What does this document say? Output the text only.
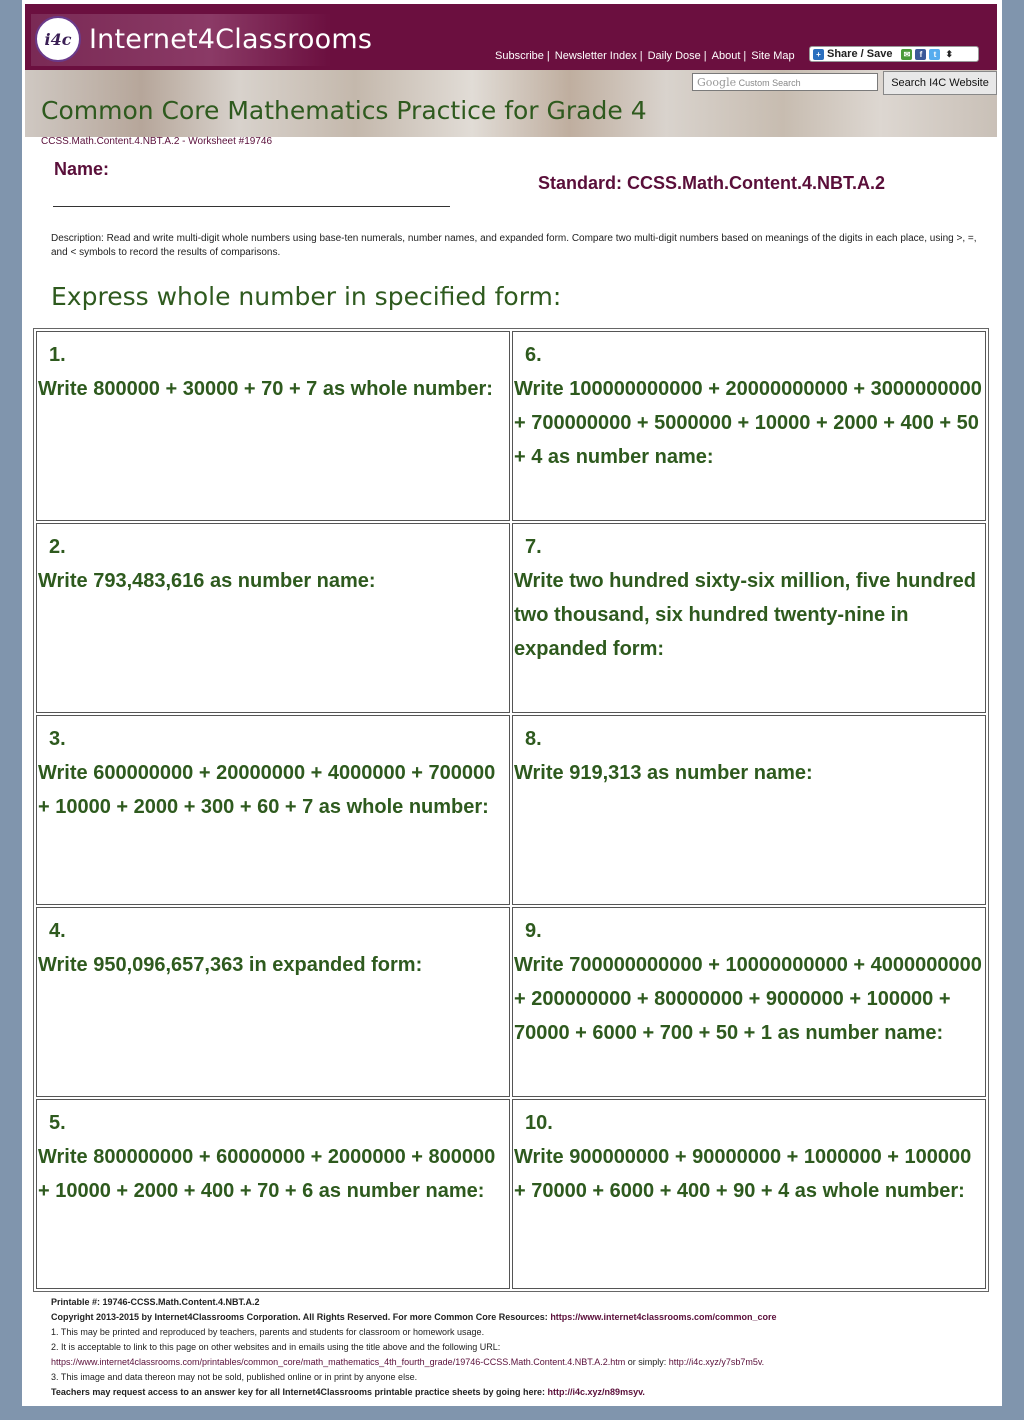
i4c Internet4Classrooms
Subscribe | Newsletter Index | Daily Dose | About | Site Map	+ Share / Save ✉	f	t	⬍
Common Core Mathematics Practice for Grade 4
Google Custom Search	Search I4C Website
CCSS.Math.Content.4.NBT.A.2 - Worksheet #19746
Name:
Standard: CCSS.Math.Content.4.NBT.A.2
Description: Read and write multi-digit whole numbers using base-ten numerals, number names, and expanded form. Compare two multi-digit numbers based on meanings of the digits in each place, using >, =, and < symbols to record the results of comparisons.
Express whole number in specified form:
1.
Write 800000 + 30000 + 70 + 7 as whole number:
2.
Write 793,483,616 as number name:
3.
Write 600000000 + 20000000 + 4000000 + 700000 + 10000 + 2000 + 300 + 60 + 7 as whole number:
4.
Write 950,096,657,363 in expanded form:
5.
Write 800000000 + 60000000 + 2000000 + 800000 + 10000 + 2000 + 400 + 70 + 6 as number name:
6.
Write 100000000000 + 20000000000 + 3000000000 + 700000000 + 5000000 + 10000 + 2000 + 400 + 50 + 4 as number name:
7.
Write two hundred sixty-six million, five hundred two thousand, six hundred twenty-nine in expanded form:
8.
Write 919,313 as number name:
9.
Write 700000000000 + 10000000000 + 4000000000 + 200000000 + 80000000 + 9000000 + 100000 + 70000 + 6000 + 700 + 50 + 1 as number name:
10.
Write 900000000 + 90000000 + 1000000 + 100000 + 70000 + 6000 + 400 + 90 + 4 as whole number:
Printable #: 19746-CCSS.Math.Content.4.NBT.A.2
Copyright 2013-2015 by Internet4Classrooms Corporation. All Rights Reserved. For more Common Core Resources: https://www.internet4classrooms.com/common_core
1. This may be printed and reproduced by teachers, parents and students for classroom or homework usage.
2. It is acceptable to link to this page on other websites and in emails using the title above and the following URL:
https://www.internet4classrooms.com/printables/common_core/math_mathematics_4th_fourth_grade/19746-CCSS.Math.Content.4.NBT.A.2.htm or simply: http://i4c.xyz/y7sb7m5v.
3. This image and data thereon may not be sold, published online or in print by anyone else.
Teachers may request access to an answer key for all Internet4Classrooms printable practice sheets by going here: http://i4c.xyz/n89msyv.
